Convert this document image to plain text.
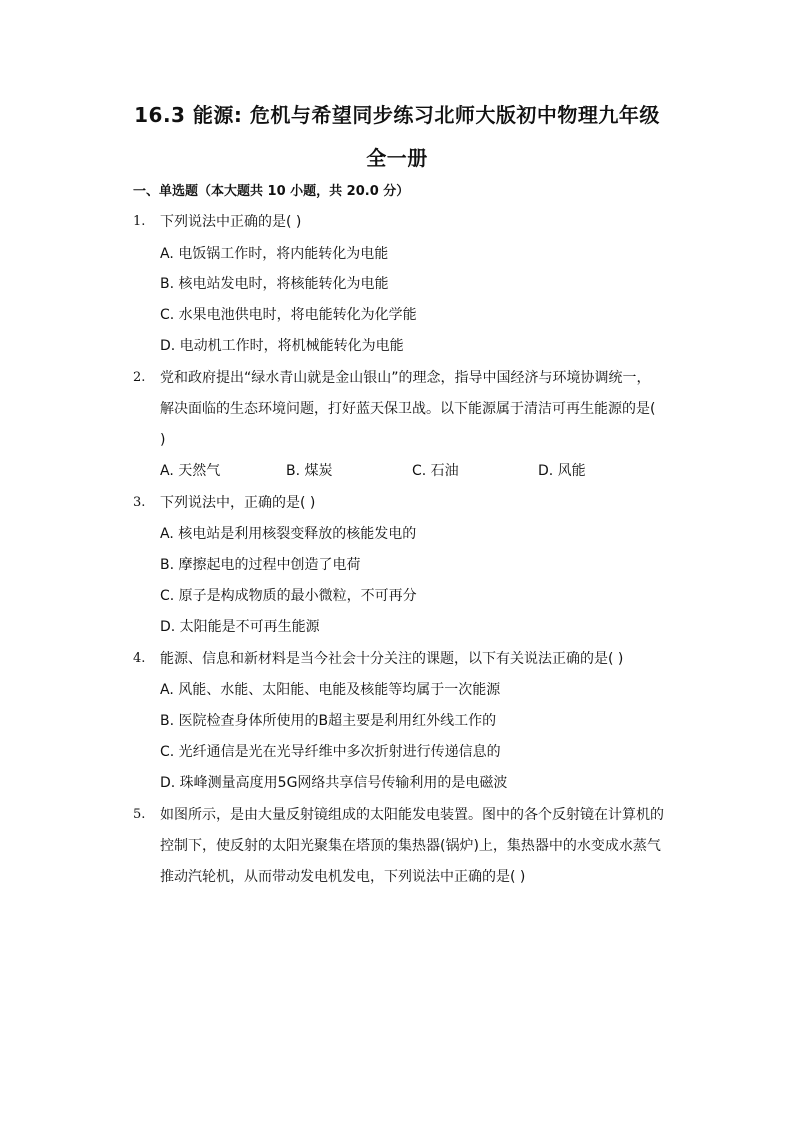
16.3 能源: 危机与希望同步练习北师大版初中物理九年级
全一册
一、单选题（本大题共 10 小题，共 20.0 分）
1. 下列说法中正确的是( )
A. 电饭锅工作时，将内能转化为电能
B. 核电站发电时，将核能转化为电能
C. 水果电池供电时，将电能转化为化学能
D. 电动机工作时，将机械能转化为电能
2. 党和政府提出“绿水青山就是金山银山”的理念，指导中国经济与环境协调统一，
解决面临的生态环境问题，打好蓝天保卫战。以下能源属于清洁可再生能源的是(
)
A. 天然气	B. 煤炭	C. 石油	D. 风能
3. 下列说法中，正确的是( )
A. 核电站是利用核裂变释放的核能发电的
B. 摩擦起电的过程中创造了电荷
C. 原子是构成物质的最小微粒，不可再分
D. 太阳能是不可再生能源
4. 能源、信息和新材料是当今社会十分关注的课题，以下有关说法正确的是( )
A. 风能、水能、太阳能、电能及核能等均属于一次能源
B. 医院检查身体所使用的B超主要是利用红外线工作的
C. 光纤通信是光在光导纤维中多次折射进行传递信息的
D. 珠峰测量高度用5G网络共享信号传输利用的是电磁波
5. 如图所示，是由大量反射镜组成的太阳能发电装置。图中的各个反射镜在计算机的
控制下，使反射的太阳光聚集在塔顶的集热器(锅炉)上，集热器中的水变成水蒸气
推动汽轮机，从而带动发电机发电，下列说法中正确的是( )
